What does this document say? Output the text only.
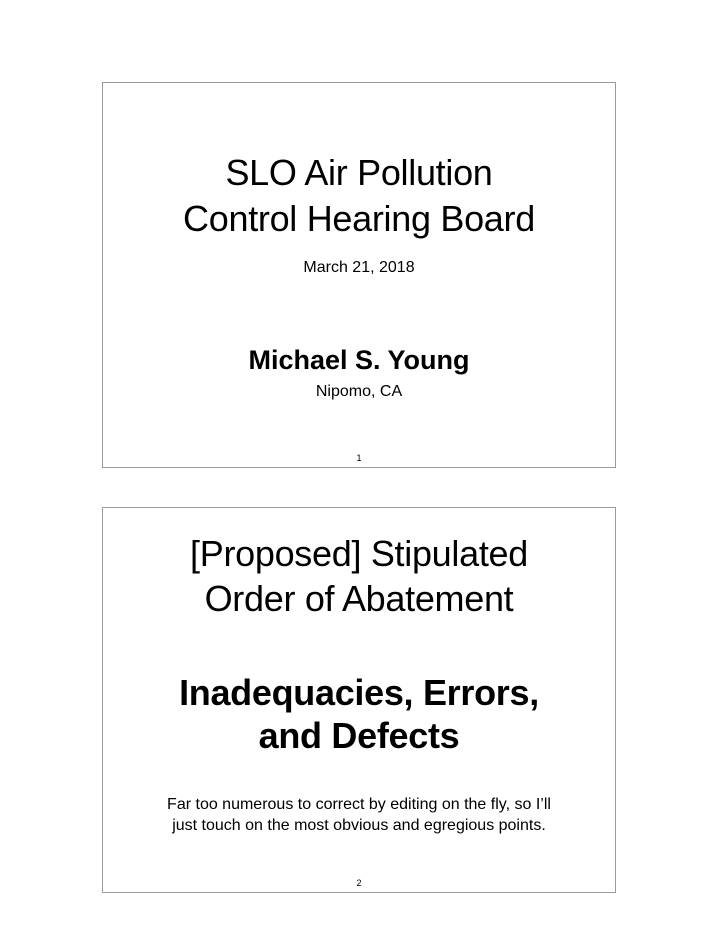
SLO Air Pollution
Control Hearing Board
March 21, 2018
Michael S. Young
Nipomo, CA
1
[Proposed] Stipulated
Order of Abatement
Inadequacies, Errors,
and Defects
Far too numerous to correct by editing on the fly, so I’ll just touch on the most obvious and egregious points.
2
